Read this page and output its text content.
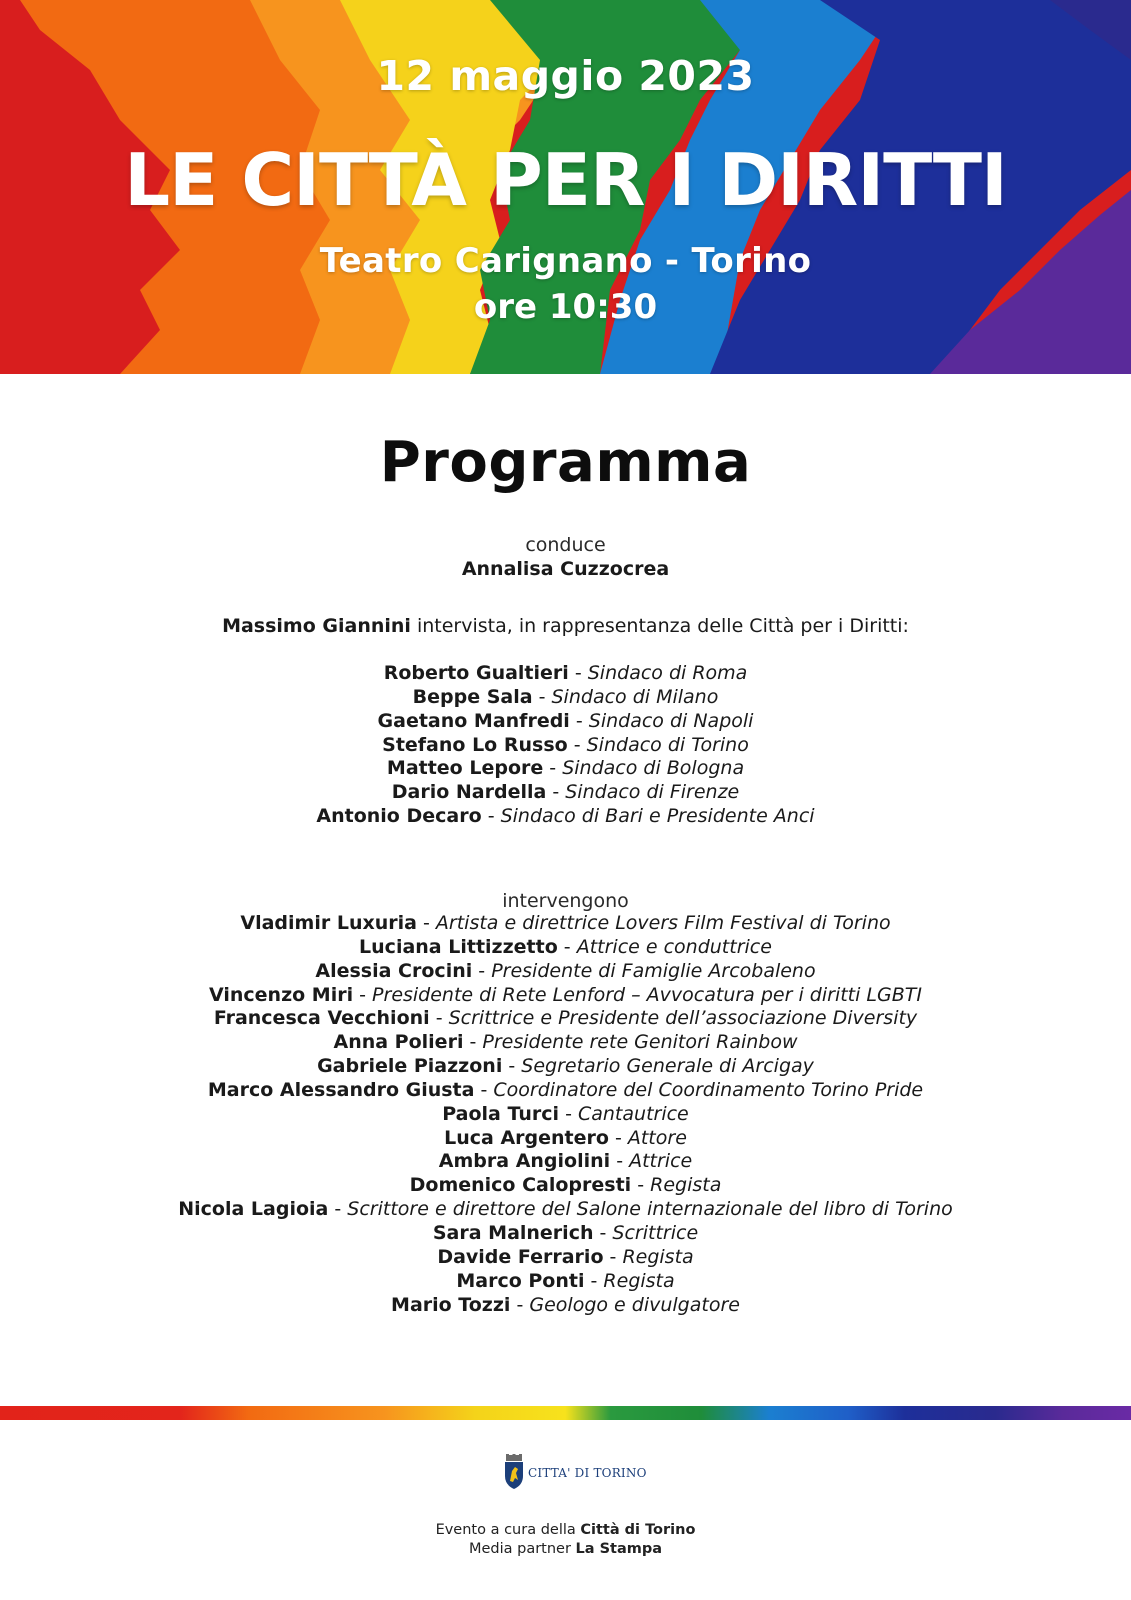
12 maggio 2023
LE CITTÀ PER I DIRITTI
Teatro Carignano - Torino
ore 10:30
Programma
conduce
Annalisa Cuzzocrea
Massimo Giannini intervista, in rappresentanza delle Città per i Diritti:
Roberto Gualtieri - Sindaco di Roma
Beppe Sala - Sindaco di Milano
Gaetano Manfredi - Sindaco di Napoli
Stefano Lo Russo - Sindaco di Torino
Matteo Lepore - Sindaco di Bologna
Dario Nardella - Sindaco di Firenze
Antonio Decaro - Sindaco di Bari e Presidente Anci
intervengono
Vladimir Luxuria - Artista e direttrice Lovers Film Festival di Torino
Luciana Littizzetto - Attrice e conduttrice
Alessia Crocini - Presidente di Famiglie Arcobaleno
Vincenzo Miri - Presidente di Rete Lenford – Avvocatura per i diritti LGBTI
Francesca Vecchioni - Scrittrice e Presidente dell’associazione Diversity
Anna Polieri - Presidente rete Genitori Rainbow
Gabriele Piazzoni - Segretario Generale di Arcigay
Marco Alessandro Giusta - Coordinatore del Coordinamento Torino Pride
Paola Turci - Cantautrice
Luca Argentero - Attore
Ambra Angiolini - Attrice
Domenico Calopresti - Regista
Nicola Lagioia - Scrittore e direttore del Salone internazionale del libro di Torino
Sara Malnerich - Scrittrice
Davide Ferrario - Regista
Marco Ponti - Regista
Mario Tozzi - Geologo e divulgatore
CITTA' DI TORINO
Evento a cura della Città di Torino
Media partner La Stampa
